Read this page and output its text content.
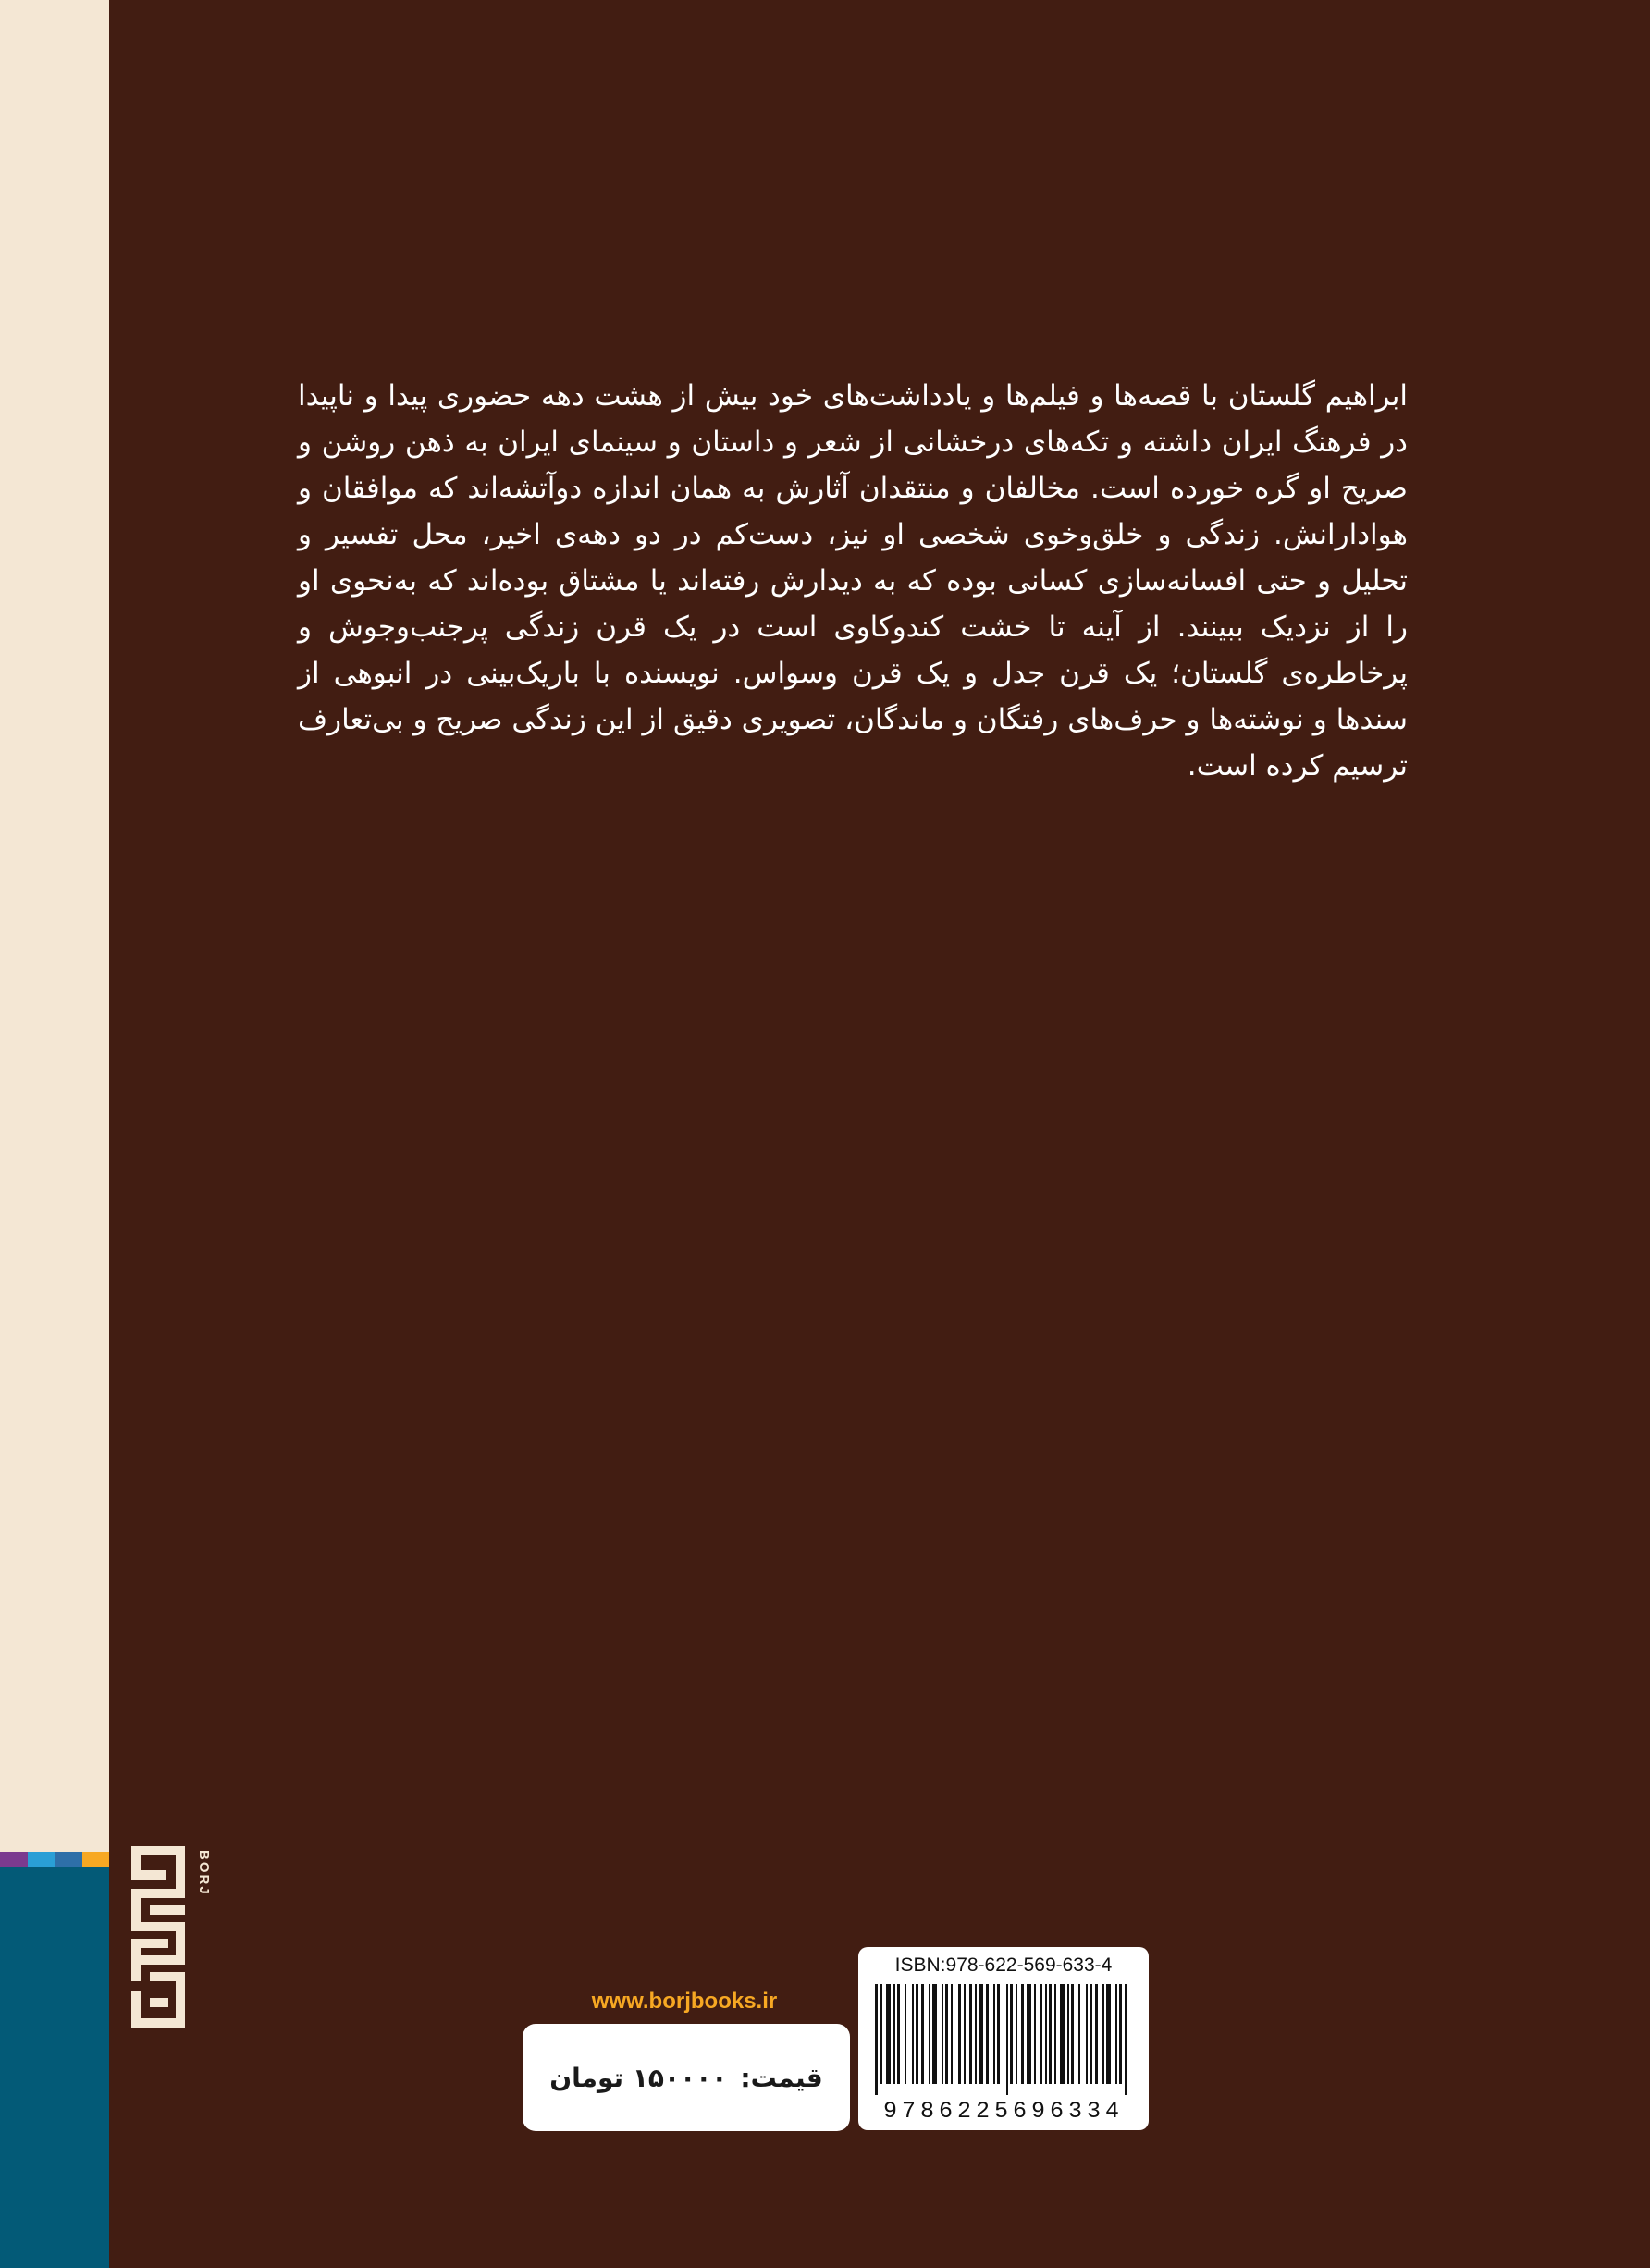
ابراهیم گلستان با قصه‌ها و فیلم‌ها و یادداشت‌های خود بیش از هشت دهه حضوری پیدا و ناپیدا در فرهنگ ایران داشته و تکه‌های درخشانی از شعر و داستان و سینمای ایران به ذهن روشن و صریح او گره خورده است. مخالفان و منتقدان آثارش به همان اندازه دوآتشه‌اند که موافقان و هوادارانش. زندگی و خلق‌وخوی شخصی او نیز، دست‌کم در دو دهه‌ی اخیر، محل تفسیر و تحلیل و حتی افسانه‌سازی کسانی بوده که به دیدارش رفته‌اند یا مشتاق بوده‌اند که به‌نحوی او را از نزدیک ببینند. از آینه تا خشت کندوکاوی است در یک قرن زندگی پرجنب‌وجوش و پرخاطره‌ی گلستان؛ یک قرن جدل و یک قرن وسواس. نویسنده با باریک‌بینی در انبوهی از سندها و نوشته‌ها و حرف‌های رفتگان و ماندگان، تصویری دقیق از این زندگی صریح و بی‌تعارف ترسیم کرده است.

BORJ
www.borjbooks.ir
قیمت:
۱۵۰۰۰۰ تومان
ISBN:978-622-569-633-4
9786225696334
